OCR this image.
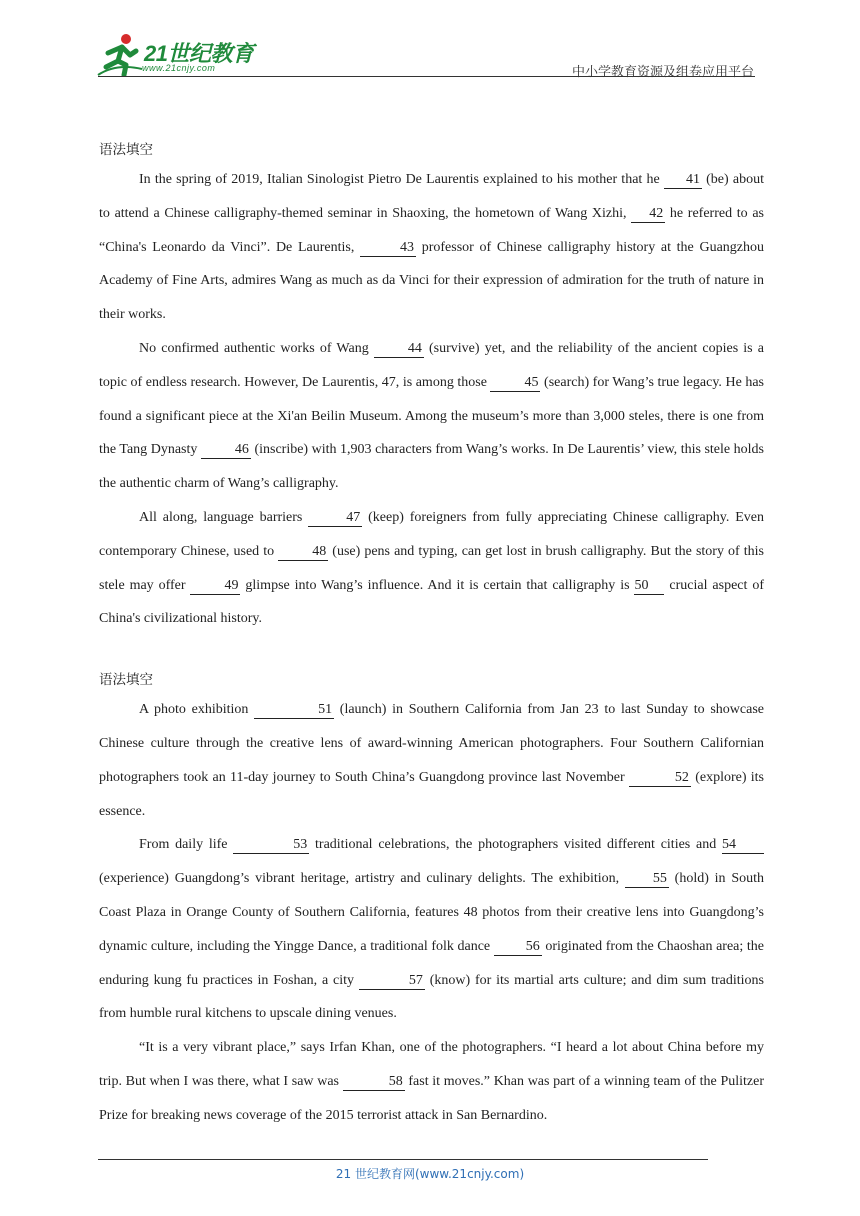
21世纪教育
www.21cnjy.com	中小学教育资源及组卷应用平台

语法填空

In the spring of 2019, Italian Sinologist Pietro De Laurentis explained to his mother that he 41 (be) about to attend a Chinese calligraphy-themed seminar in Shaoxing, the hometown of Wang Xizhi, 42 he referred to as “China's Leonardo da Vinci”. De Laurentis,	43 professor of Chinese calligraphy history at the Guangzhou Academy of Fine Arts, admires Wang as much as da Vinci for their expression of admiration for the truth of nature in their works.

No confirmed authentic works of Wang 44 (survive) yet, and the reliability of the ancient copies is a topic of endless research. However, De Laurentis, 47, is among those 45 (search) for Wang’s true legacy. He has found a significant piece at the Xi'an Beilin Museum. Among the museum’s more than 3,000 steles, there is one from the Tang Dynasty 46 (inscribe) with 1,903 characters from Wang’s works. In De Laurentis’ view, this stele holds the authentic charm of Wang’s calligraphy.

All along, language barriers	47 (keep) foreigners from fully appreciating Chinese calligraphy. Even contemporary Chinese, used to 48 (use) pens and typing, can get lost in brush calligraphy. But the story of this stele may offer 49 glimpse into Wang’s influence. And it is certain that calligraphy is 50 crucial aspect of China's civilizational history.

语法填空

A photo exhibition	51 (launch) in Southern California from Jan 23 to last Sunday to showcase Chinese culture through the creative lens of award-winning American photographers. Four Southern Californian photographers took an 11-day journey to South China’s Guangdong province last November	52 (explore) its essence.

From daily life	53 traditional celebrations, the photographers visited different cities and 54 (experience) Guangdong’s vibrant heritage, artistry and culinary delights. The exhibition, 55 (hold) in South Coast Plaza in Orange County of Southern California, features 48 photos from their creative lens into Guangdong’s dynamic culture, including the Yingge Dance, a traditional folk dance 56 originated from the Chaoshan area; the enduring kung fu practices in Foshan, a city	57 (know) for its martial arts culture; and dim sum traditions from humble rural kitchens to upscale dining venues.

“It is a very vibrant place,” says Irfan Khan, one of the photographers. “I heard a lot about China before my trip. But when I was there, what I saw was	58 fast it moves.” Khan was part of a winning team of the Pulitzer Prize for breaking news coverage of the 2015 terrorist attack in San Bernardino.

21 世纪教育网(www.21cnjy.com)
